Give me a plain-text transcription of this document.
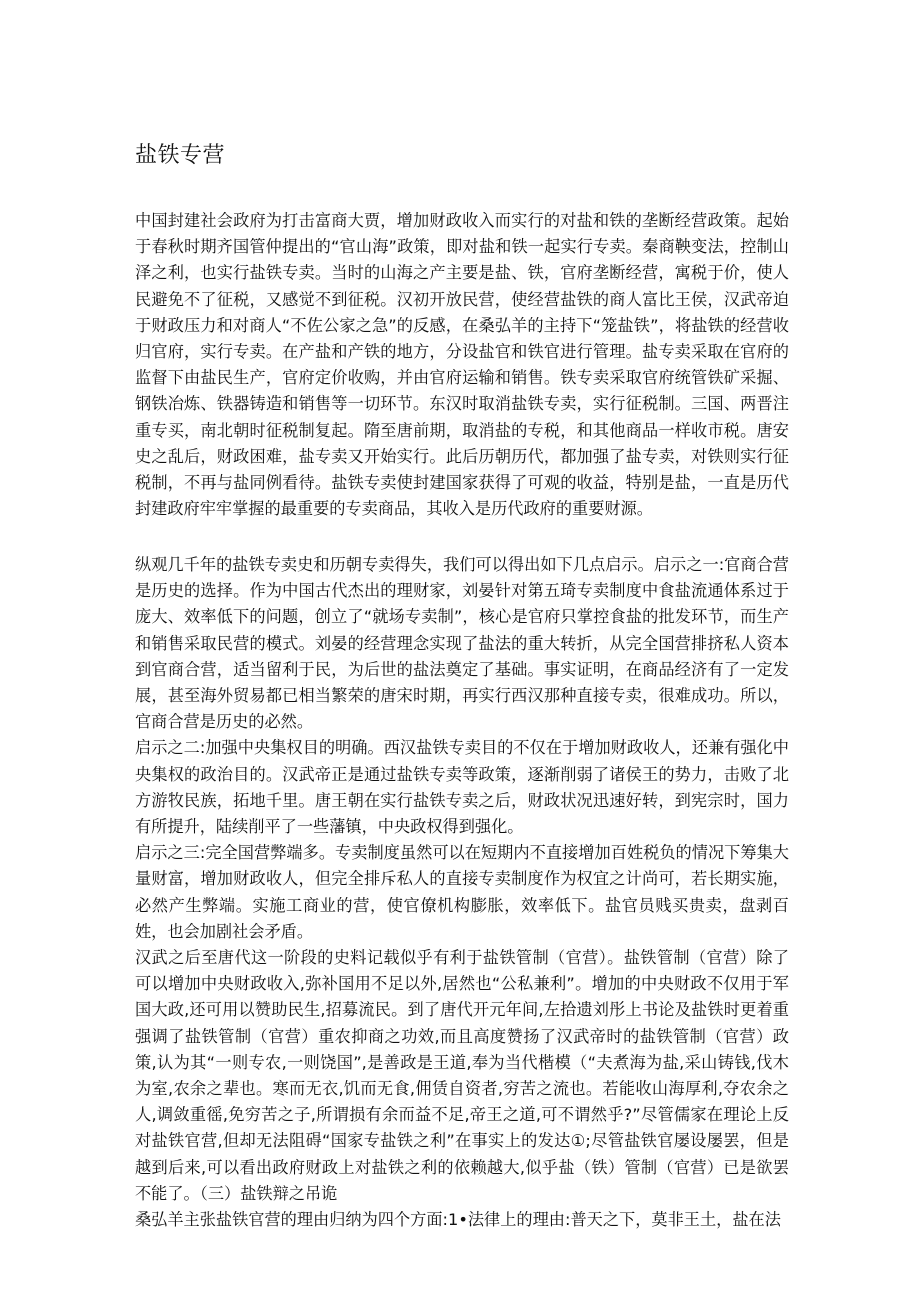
盐铁专营

中国封建社会政府为打击富商大贾，增加财政收入而实行的对盐和铁的垄断经营政策。起始于春秋时期齐国管仲提出的“官山海”政策，即对盐和铁一起实行专卖。秦商鞅变法，控制山泽之利，也实行盐铁专卖。当时的山海之产主要是盐、铁，官府垄断经营，寓税于价，使人民避免不了征税，又感觉不到征税。汉初开放民营，使经营盐铁的商人富比王侯，汉武帝迫于财政压力和对商人“不佐公家之急”的反感，在桑弘羊的主持下“笼盐铁”，将盐铁的经营收归官府，实行专卖。在产盐和产铁的地方，分设盐官和铁官进行管理。盐专卖采取在官府的监督下由盐民生产，官府定价收购，并由官府运输和销售。铁专卖采取官府统管铁矿采掘、钢铁冶炼、铁器铸造和销售等一切环节。东汉时取消盐铁专卖，实行征税制。三国、两晋注重专买，南北朝时征税制复起。隋至唐前期，取消盐的专税，和其他商品一样收市税。唐安史之乱后，财政困难，盐专卖又开始实行。此后历朝历代，都加强了盐专卖，对铁则实行征税制，不再与盐同例看待。盐铁专卖使封建国家获得了可观的收益，特别是盐，一直是历代封建政府牢牢掌握的最重要的专卖商品，其收入是历代政府的重要财源。

纵观几千年的盐铁专卖史和历朝专卖得失，我们可以得出如下几点启示。启示之一:官商合营是历史的选择。作为中国古代杰出的理财家，刘晏针对第五琦专卖制度中食盐流通体系过于庞大、效率低下的问题，创立了“就场专卖制”，核心是官府只掌控食盐的批发环节，而生产和销售采取民营的模式。刘晏的经营理念实现了盐法的重大转折，从完全国营排挤私人资本到官商合营，适当留利于民，为后世的盐法奠定了基础。事实证明，在商品经济有了一定发展，甚至海外贸易都已相当繁荣的唐宋时期，再实行西汉那种直接专卖，很难成功。所以，官商合营是历史的必然。
启示之二:加强中央集权目的明确。西汉盐铁专卖目的不仅在于增加财政收人，还兼有强化中央集权的政治目的。汉武帝正是通过盐铁专卖等政策，逐渐削弱了诸侯王的势力，击败了北方游牧民族，拓地千里。唐王朝在实行盐铁专卖之后，财政状况迅速好转，到宪宗时，国力有所提升，陆续削平了一些藩镇，中央政权得到强化。
启示之三:完全国营弊端多。专卖制度虽然可以在短期内不直接增加百姓税负的情况下筹集大量财富，增加财政收人，但完全排斥私人的直接专卖制度作为权宜之计尚可，若长期实施，必然产生弊端。实施工商业的营，使官僚机构膨胀，效率低下。盐官员贱买贵卖，盘剥百姓，也会加剧社会矛盾。
汉武之后至唐代这一阶段的史料记载似乎有利于盐铁管制（官营）。盐铁管制（官营）除了可以增加中央财政收入,弥补国用不足以外,居然也“公私兼利”。增加的中央财政不仅用于军国大政,还可用以赞助民生,招募流民。到了唐代开元年间,左拾遗刘彤上书论及盐铁时更着重强调了盐铁管制（官营）重农抑商之功效,而且高度赞扬了汉武帝时的盐铁管制（官营）政策,认为其“一则专农,一则饶国”,是善政是王道,奉为当代楷模（“夫煮海为盐,采山铸钱,伐木为室,农余之辈也。寒而无衣,饥而无食,佣赁自资者,穷苦之流也。若能收山海厚利,夺农余之人,调敛重徭,免穷苦之子,所谓损有余而益不足,帝王之道,可不谓然乎?”尽管儒家在理论上反对盐铁官营,但却无法阻碍“国家专盐铁之利”在事实上的发达①;尽管盐铁官屡设屡罢，但是越到后来,可以看出政府财政上对盐铁之利的依赖越大,似乎盐（铁）管制（官营）已是欲罢不能了。（三）盐铁辩之吊诡
桑弘羊主张盐铁官营的理由归纳为四个方面:1•法律上的理由:普天之下，莫非王土，盐在法
